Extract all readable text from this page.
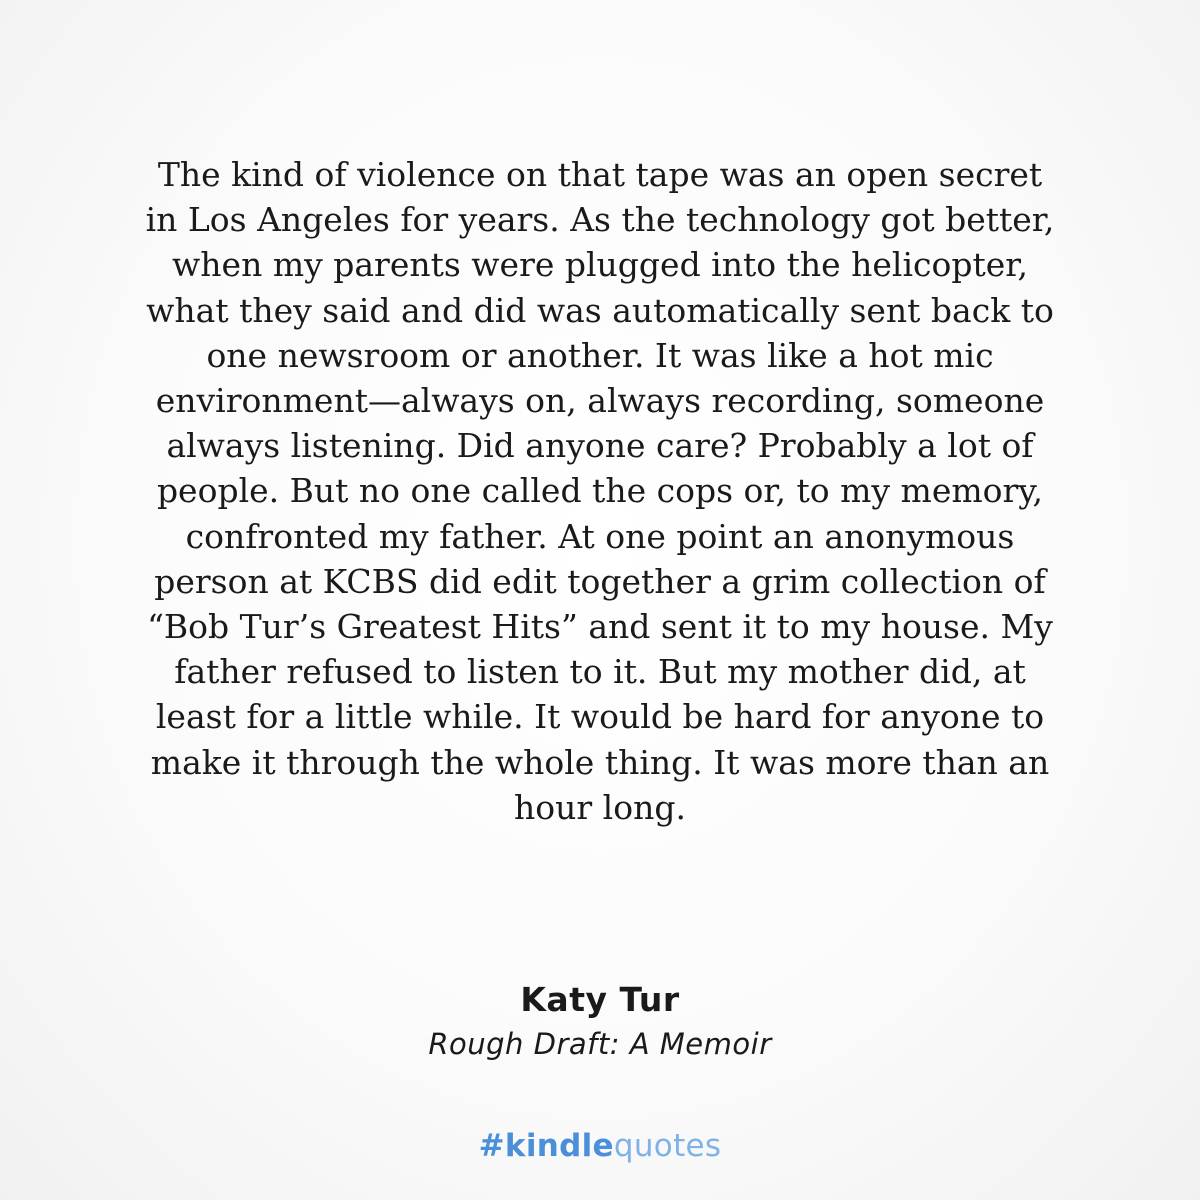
The kind of violence on that tape was an open secret
in Los Angeles for years. As the technology got better,
when my parents were plugged into the helicopter,
what they said and did was automatically sent back to
one newsroom or another. It was like a hot mic
environment—always on, always recording, someone
always listening. Did anyone care? Probably a lot of
people. But no one called the cops or, to my memory,
confronted my father. At one point an anonymous
person at KCBS did edit together a grim collection of
“Bob Tur’s Greatest Hits” and sent it to my house. My
father refused to listen to it. But my mother did, at
least for a little while. It would be hard for anyone to
make it through the whole thing. It was more than an
hour long.

Katy Tur
Rough Draft: A Memoir
#kindlequotes
